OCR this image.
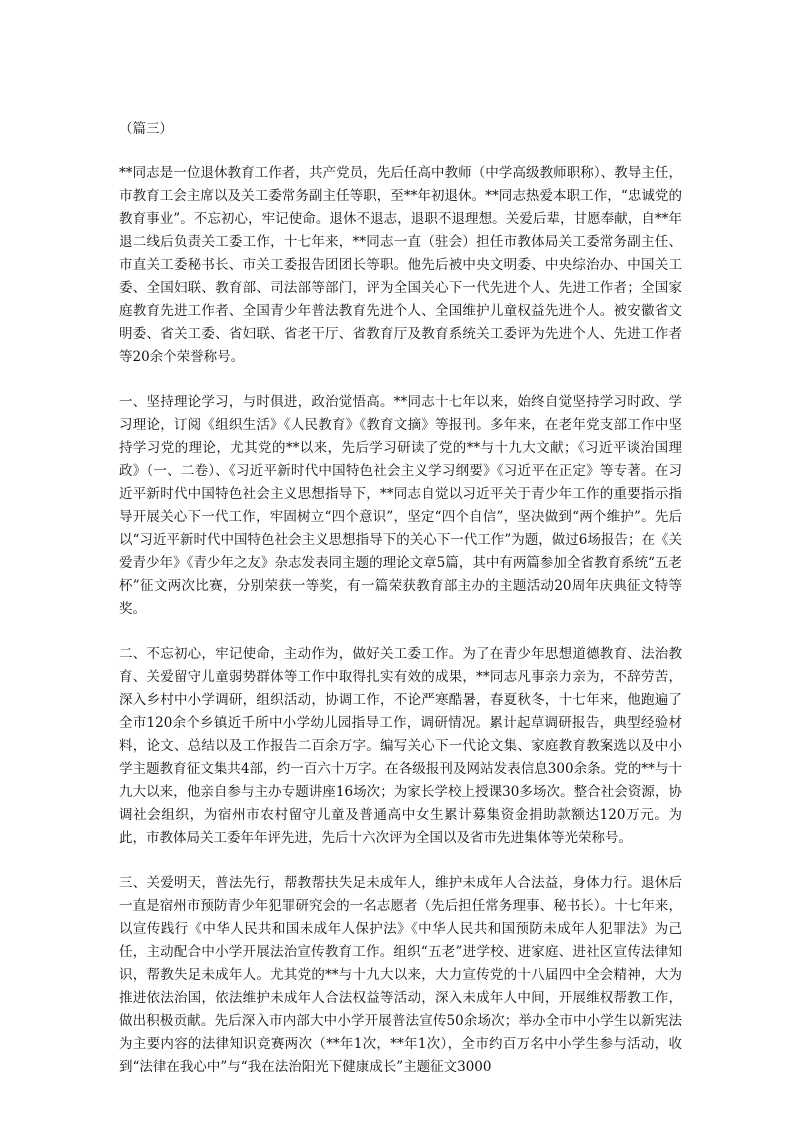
（篇三）

**同志是一位退休教育工作者，共产党员，先后任高中教师（中学高级教师职称）、教导主任，市教育工会主席以及关工委常务副主任等职，至**年初退休。**同志热爱本职工作，“忠诚党的教育事业”。不忘初心，牢记使命。退休不退志，退职不退理想。关爱后辈，甘愿奉献，自**年退二线后负责关工委工作，十七年来，**同志一直（驻会）担任市教体局关工委常务副主任、市直关工委秘书长、市关工委报告团团长等职。他先后被中央文明委、中央综治办、中国关工委、全国妇联、教育部、司法部等部门，评为全国关心下一代先进个人、先进工作者；全国家庭教育先进工作者、全国青少年普法教育先进个人、全国维护儿童权益先进个人。被安徽省文明委、省关工委、省妇联、省老干厅、省教育厅及教育系统关工委评为先进个人、先进工作者等20余个荣誉称号。

一、坚持理论学习，与时俱进，政治觉悟高。**同志十七年以来，始终自觉坚持学习时政、学习理论，订阅《组织生活》《人民教育》《教育文摘》等报刊。多年来，在老年党支部工作中坚持学习党的理论，尤其党的**以来，先后学习研读了党的**与十九大文献；《习近平谈治国理政》（一、二卷）、《习近平新时代中国特色社会主义学习纲要》《习近平在正定》等专著。在习近平新时代中国特色社会主义思想指导下，**同志自觉以习近平关于青少年工作的重要指示指导开展关心下一代工作，牢固树立“四个意识”，坚定“四个自信”，坚决做到“两个维护”。先后以“习近平新时代中国特色社会主义思想指导下的关心下一代工作”为题，做过6场报告；在《关爱青少年》《青少年之友》杂志发表同主题的理论文章5篇，其中有两篇参加全省教育系统“五老杯”征文两次比赛，分别荣获一等奖，有一篇荣获教育部主办的主题活动20周年庆典征文特等奖。

二、不忘初心，牢记使命，主动作为，做好关工委工作。为了在青少年思想道德教育、法治教育、关爱留守儿童弱势群体等工作中取得扎实有效的成果，**同志凡事亲力亲为，不辞劳苦，深入乡村中小学调研，组织活动，协调工作，不论严寒酷暑，春夏秋冬，十七年来，他跑遍了全市120余个乡镇近千所中小学幼儿园指导工作，调研情况。累计起草调研报告，典型经验材料，论文、总结以及工作报告二百余万字。编写关心下一代论文集、家庭教育教案选以及中小学主题教育征文集共4部，约一百六十万字。在各级报刊及网站发表信息300余条。党的**与十九大以来，他亲自参与主办专题讲座16场次；为家长学校上授课30多场次。整合社会资源，协调社会组织，为宿州市农村留守儿童及普通高中女生累计募集资金捐助款额达120万元。为此，市教体局关工委年年评先进，先后十六次评为全国以及省市先进集体等光荣称号。

三、关爱明天，普法先行，帮教帮扶失足未成年人，维护未成年人合法益，身体力行。退休后一直是宿州市预防青少年犯罪研究会的一名志愿者（先后担任常务理事、秘书长）。十七年来，以宣传践行《中华人民共和国未成年人保护法》《中华人民共和国预防未成年人犯罪法》为己任，主动配合中小学开展法治宣传教育工作。组织“五老”进学校、进家庭、进社区宣传法律知识，帮教失足未成年人。尤其党的**与十九大以来，大力宣传党的十八届四中全会精神，大为推进依法治国，依法维护未成年人合法权益等活动，深入未成年人中间，开展维权帮教工作，做出积极贡献。先后深入市内部大中小学开展普法宣传50余场次；举办全市中小学生以新宪法为主要内容的法律知识竞赛两次（**年1次，**年1次），全市约百万名中小学生参与活动，收到“法律在我心中”与“我在法治阳光下健康成长”主题征文3000
